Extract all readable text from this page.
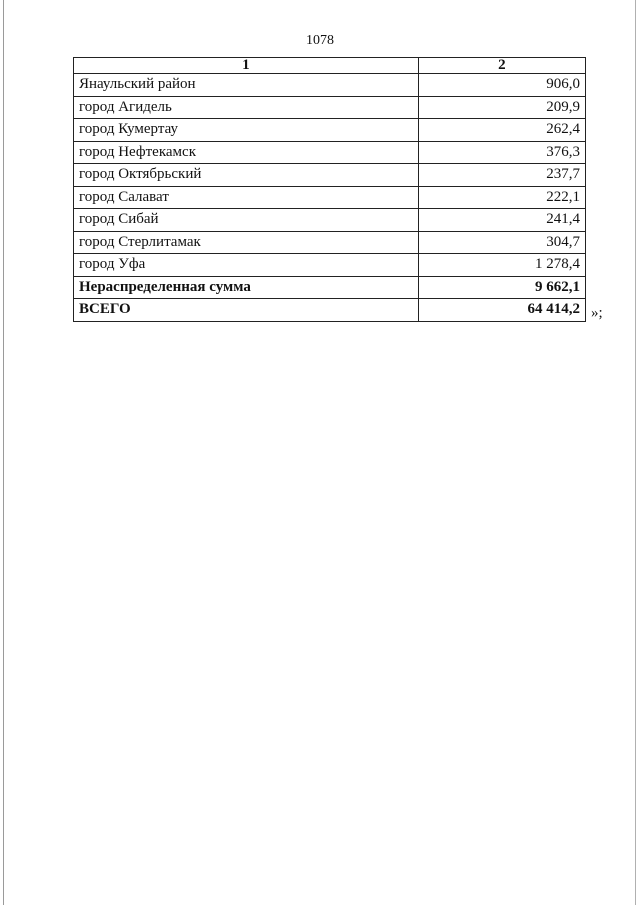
1078
1	2
Янаульский район	906,0
город Агидель	209,9
город Кумертау	262,4
город Нефтекамск	376,3
город Октябрьский	237,7
город Салават	222,1
город Сибай	241,4
город Стерлитамак	304,7
город Уфа	1 278,4
Нераспределенная сумма	9 662,1
ВСЕГО	64 414,2 »;
